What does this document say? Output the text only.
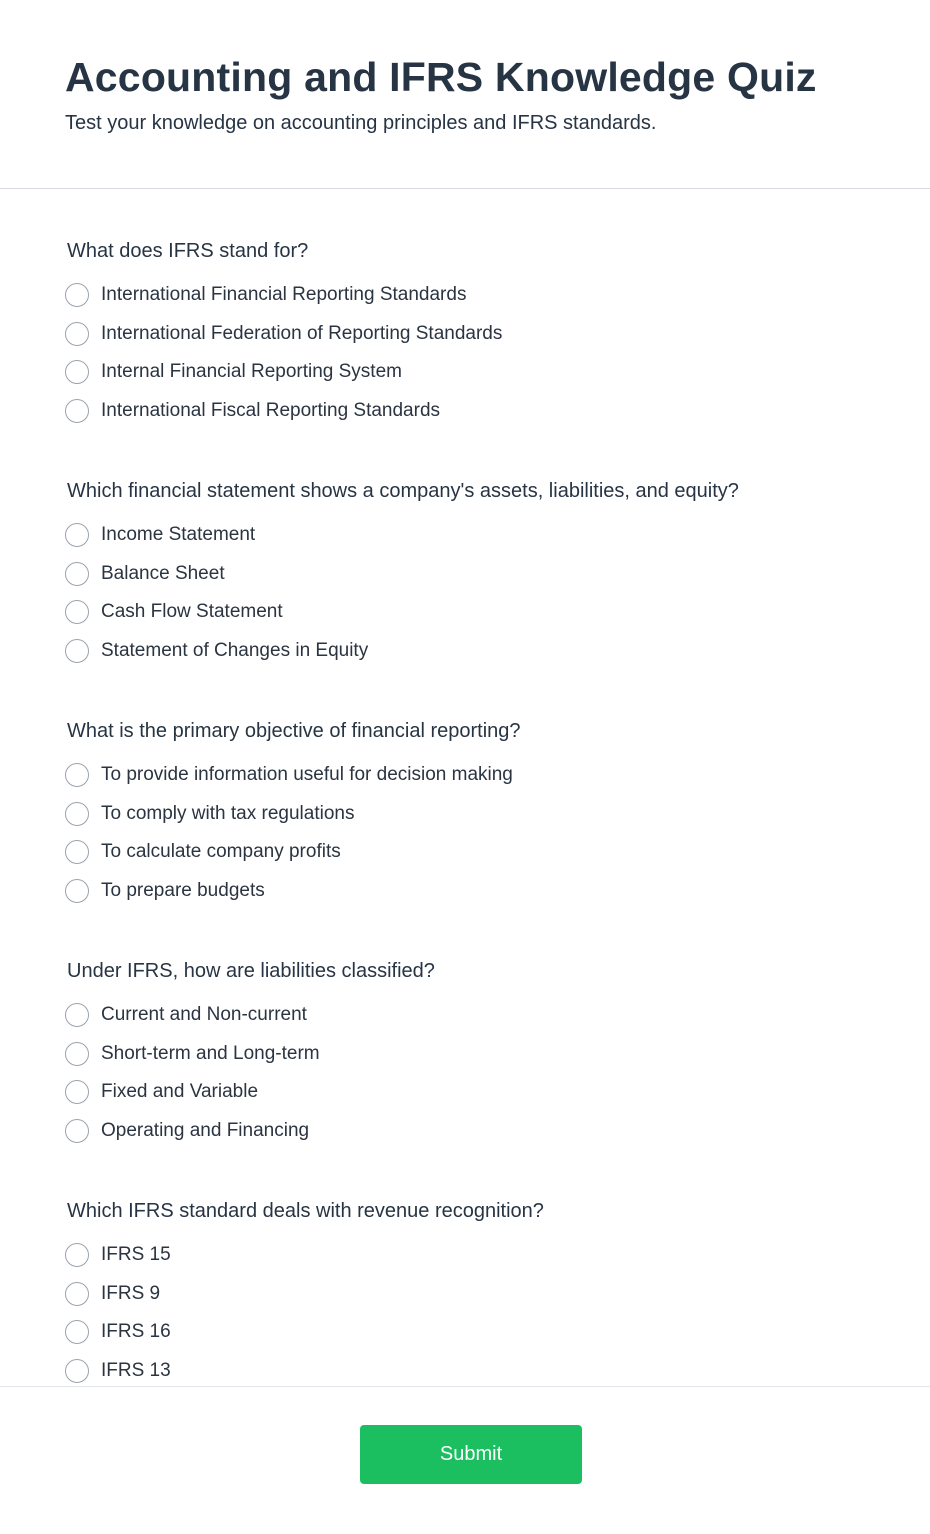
Accounting and IFRS Knowledge Quiz

Test your knowledge on accounting principles and IFRS standards.

What does IFRS stand for?
International Financial Reporting Standards
International Federation of Reporting Standards
Internal Financial Reporting System
International Fiscal Reporting Standards
Which financial statement shows a company's assets, liabilities, and equity?
Income Statement
Balance Sheet
Cash Flow Statement
Statement of Changes in Equity
What is the primary objective of financial reporting?
To provide information useful for decision making
To comply with tax regulations
To calculate company profits
To prepare budgets
Under IFRS, how are liabilities classified?
Current and Non-current
Short-term and Long-term
Fixed and Variable
Operating and Financing
Which IFRS standard deals with revenue recognition?
IFRS 15
IFRS 9
IFRS 16
IFRS 13
Submit
